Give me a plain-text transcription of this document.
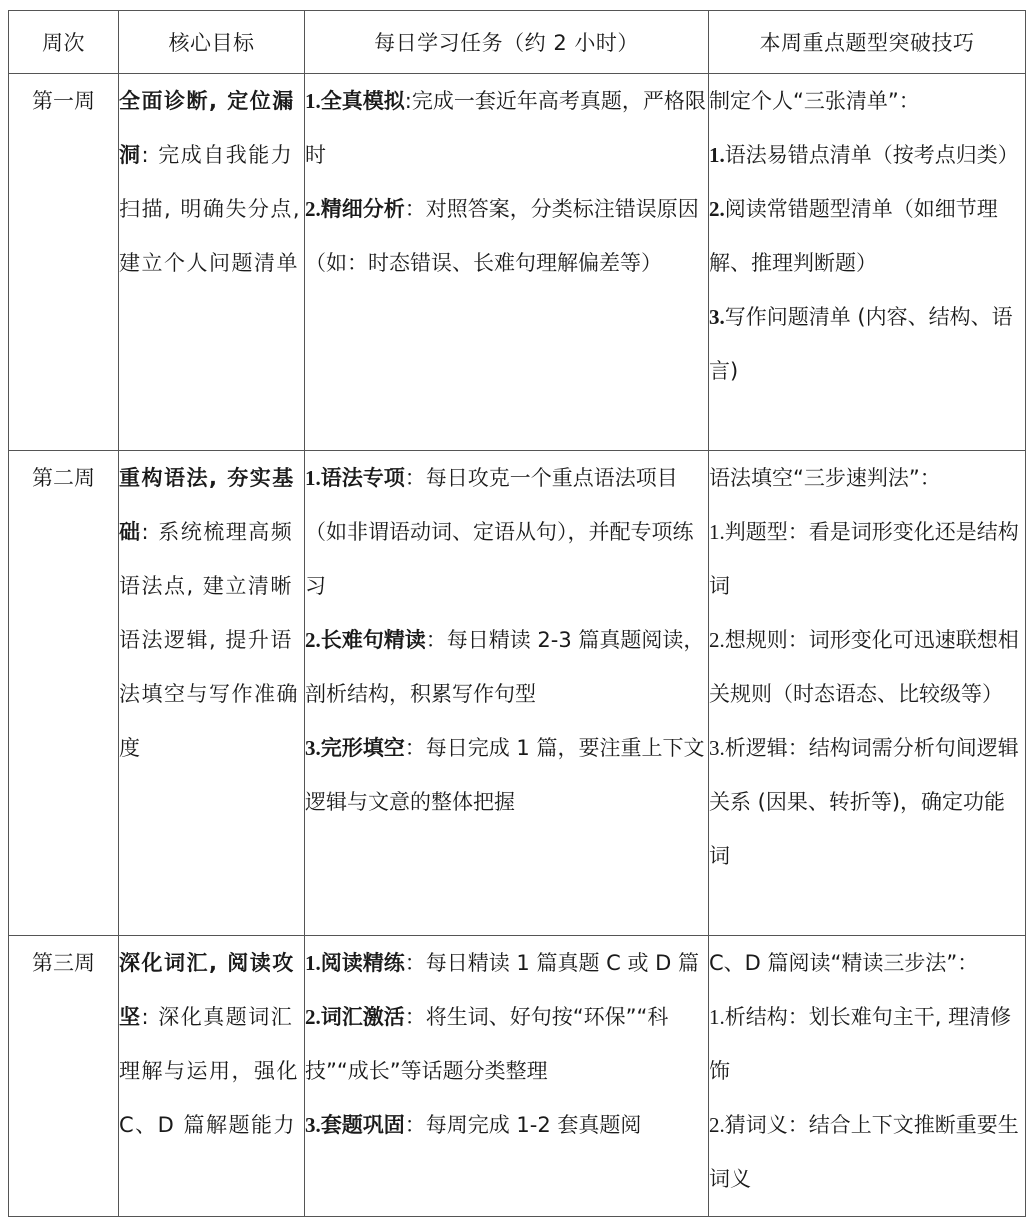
周次	核心目标	每日学习任务（约 2 小时）	本周重点题型突破技巧
第一周	全面诊断, 定位漏洞: 完成自我能力扫描, 明确失分点, 建立个人问题清单	1.全真模拟:完成一套近年高考真题，严格限时
2.精细分析：对照答案，分类标注错误原因（如：时态错误、长难句理解偏差等）	制定个人“三张清单”：
1.语法易错点清单（按考点归类）
2.阅读常错题型清单（如细节理解、推理判断题）
3.写作问题清单 (内容、结构、语言)

第二周	重构语法, 夯实基础: 系统梳理高频语法点, 建立清晰语法逻辑, 提升语法填空与写作准确度	1.语法专项：每日攻克一个重点语法项目（如非谓语动词、定语从句），并配专项练习
2.长难句精读：每日精读 2-3 篇真题阅读，剖析结构，积累写作句型
3.完形填空：每日完成 1 篇，要注重上下文逻辑与文意的整体把握	语法填空“三步速判法”：
1.判题型：看是词形变化还是结构词
2.想规则：词形变化可迅速联想相关规则（时态语态、比较级等）
3.析逻辑：结构词需分析句间逻辑关系 (因果、转折等)，确定功能词

第三周	深化词汇, 阅读攻坚: 深化真题词汇理解与运用，强化 C、D 篇解题能力	1.阅读精练：每日精读 1 篇真题 C 或 D 篇
2.词汇激活：将生词、好句按“环保”“科技”“成长”等话题分类整理
3.套题巩固：每周完成 1-2 套真题阅	C、D 篇阅读“精读三步法”：
1.析结构：划长难句主干, 理清修饰
2.猜词义：结合上下文推断重要生词义
